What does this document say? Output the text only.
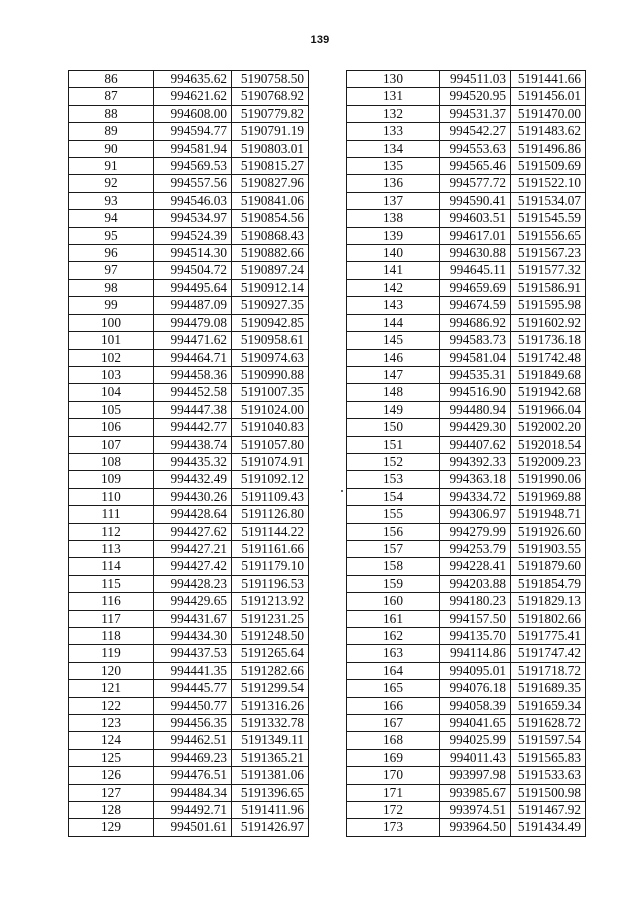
139
86	994635.62	5190758.50
87	994621.62	5190768.92
88	994608.00	5190779.82
89	994594.77	5190791.19
90	994581.94	5190803.01
91	994569.53	5190815.27
92	994557.56	5190827.96
93	994546.03	5190841.06
94	994534.97	5190854.56
95	994524.39	5190868.43
96	994514.30	5190882.66
97	994504.72	5190897.24
98	994495.64	5190912.14
99	994487.09	5190927.35
100	994479.08	5190942.85
101	994471.62	5190958.61
102	994464.71	5190974.63
103	994458.36	5190990.88
104	994452.58	5191007.35
105	994447.38	5191024.00
106	994442.77	5191040.83
107	994438.74	5191057.80
108	994435.32	5191074.91
109	994432.49	5191092.12
110	994430.26	5191109.43
111	994428.64	5191126.80
112	994427.62	5191144.22
113	994427.21	5191161.66
114	994427.42	5191179.10
115	994428.23	5191196.53
116	994429.65	5191213.92
117	994431.67	5191231.25
118	994434.30	5191248.50
119	994437.53	5191265.64
120	994441.35	5191282.66
121	994445.77	5191299.54
122	994450.77	5191316.26
123	994456.35	5191332.78
124	994462.51	5191349.11
125	994469.23	5191365.21
126	994476.51	5191381.06
127	994484.34	5191396.65
128	994492.71	5191411.96
129	994501.61	5191426.97
130	994511.03	5191441.66
131	994520.95	5191456.01
132	994531.37	5191470.00
133	994542.27	5191483.62
134	994553.63	5191496.86
135	994565.46	5191509.69
136	994577.72	5191522.10
137	994590.41	5191534.07
138	994603.51	5191545.59
139	994617.01	5191556.65
140	994630.88	5191567.23
141	994645.11	5191577.32
142	994659.69	5191586.91
143	994674.59	5191595.98
144	994686.92	5191602.92
145	994583.73	5191736.18
146	994581.04	5191742.48
147	994535.31	5191849.68
148	994516.90	5191942.68
149	994480.94	5191966.04
150	994429.30	5192002.20
151	994407.62	5192018.54
152	994392.33	5192009.23
153	994363.18	5191990.06
154	994334.72	5191969.88
155	994306.97	5191948.71
156	994279.99	5191926.60
157	994253.79	5191903.55
158	994228.41	5191879.60
159	994203.88	5191854.79
160	994180.23	5191829.13
161	994157.50	5191802.66
162	994135.70	5191775.41
163	994114.86	5191747.42
164	994095.01	5191718.72
165	994076.18	5191689.35
166	994058.39	5191659.34
167	994041.65	5191628.72
168	994025.99	5191597.54
169	994011.43	5191565.83
170	993997.98	5191533.63
171	993985.67	5191500.98
172	993974.51	5191467.92
173	993964.50	5191434.49
